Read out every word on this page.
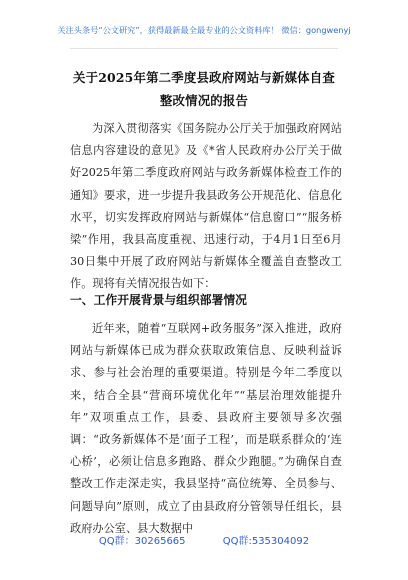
关注头条号“公文研究”，获得最新最全最专业的公文资料库！ 微信：gongwenyj
关于2025年第二季度县政府网站与新媒体自查整改情况的报告
为深入贯彻落实《国务院办公厅关于加强政府网站信息内容建设的意见》及《*省人民政府办公厅关于做好2025年第二季度政府网站与政务新媒体检查工作的通知》要求，进一步提升我县政务公开规范化、信息化水平，切实发挥政府网站与新媒体“信息窗口”“服务桥梁”作用，我县高度重视、迅速行动，于4月1日至6月30日集中开展了政府网站与新媒体全覆盖自查整改工作。现将有关情况报告如下：
一、工作开展背景与组织部署情况
近年来，随着“互联网+政务服务”深入推进，政府网站与新媒体已成为群众获取政策信息、反映利益诉求、参与社会治理的重要渠道。特别是今年二季度以来，结合全县“营商环境优化年”“基层治理效能提升年”双项重点工作，县委、县政府主要领导多次强调：“政务新媒体不是‘面子工程’，而是联系群众的‘连心桥’，必须让信息多跑路、群众少跑腿。”为确保自查整改工作走深走实，我县坚持“高位统筹、全员参与、问题导向”原则，成立了由县政府分管领导任组长，县政府办公室、县大数据中
QQ群：30265665	QQ群:535304092
